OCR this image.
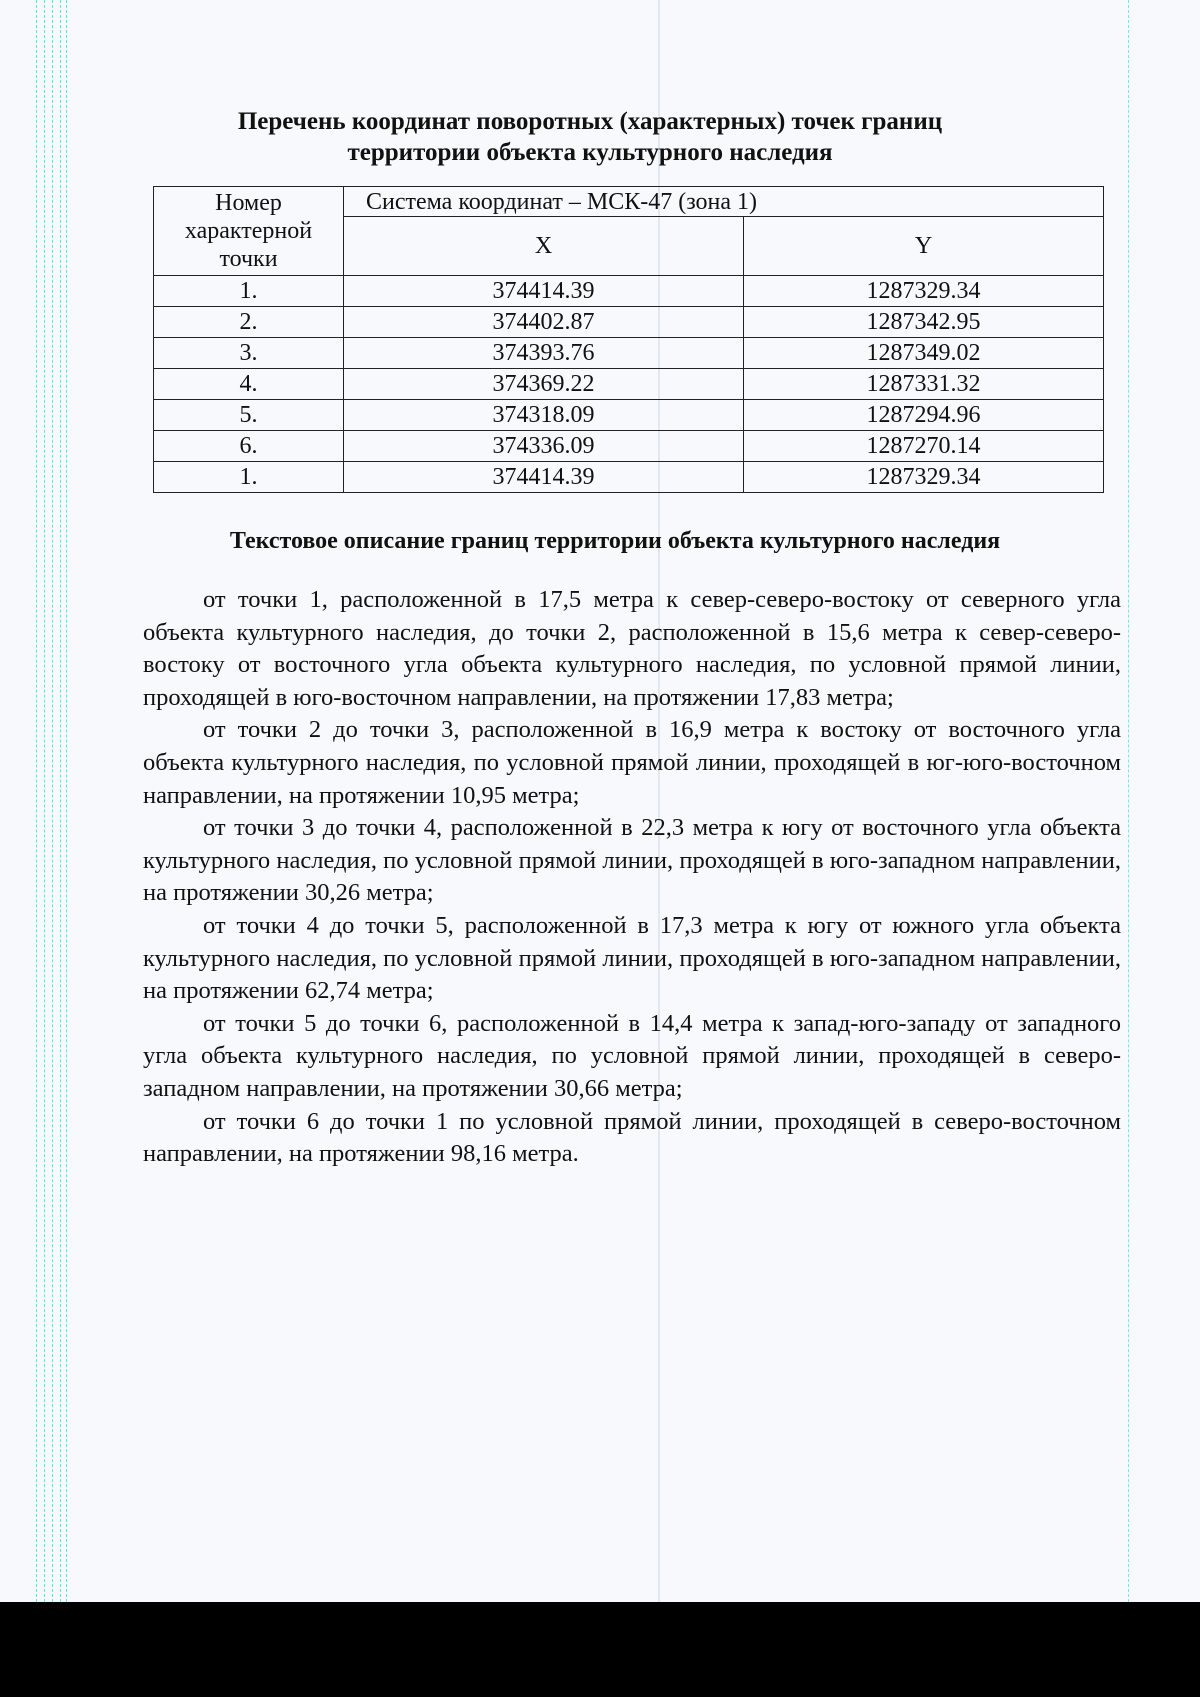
Перечень координат поворотных (характерных) точек границ
территории объекта культурного наследия
Номер характерной точки	Система координат – МСК-47 (зона 1)	
	X	Y
1.	374414.39	1287329.34
2.	374402.87	1287342.95
3.	374393.76	1287349.02
4.	374369.22	1287331.32
5.	374318.09	1287294.96
6.	374336.09	1287270.14
1.	374414.39	1287329.34
Текстовое описание границ территории объекта культурного наследия

от точки 1, расположенной в 17,5 метра к север-северо-востоку от северного угла объекта культурного наследия, до точки 2, расположенной в 15,6 метра к север-северо-востоку от восточного угла объекта культурного наследия, по условной прямой линии, проходящей в юго-восточном направлении, на протяжении 17,83 метра;

от точки 2 до точки 3, расположенной в 16,9 метра к востоку от восточного угла объекта культурного наследия, по условной прямой линии, проходящей в юг-юго-восточном направлении, на протяжении 10,95 метра;

от точки 3 до точки 4, расположенной в 22,3 метра к югу от восточного угла объекта культурного наследия, по условной прямой линии, проходящей в юго-западном направлении, на протяжении 30,26 метра;

от точки 4 до точки 5, расположенной в 17,3 метра к югу от южного угла объекта культурного наследия, по условной прямой линии, проходящей в юго-западном направлении, на протяжении 62,74 метра;

от точки 5 до точки 6, расположенной в 14,4 метра к запад-юго-западу от западного угла объекта культурного наследия, по условной прямой линии, проходящей в северо-западном направлении, на протяжении 30,66 метра;

от точки 6 до точки 1 по условной прямой линии, проходящей в северо-восточном направлении, на протяжении 98,16 метра.
